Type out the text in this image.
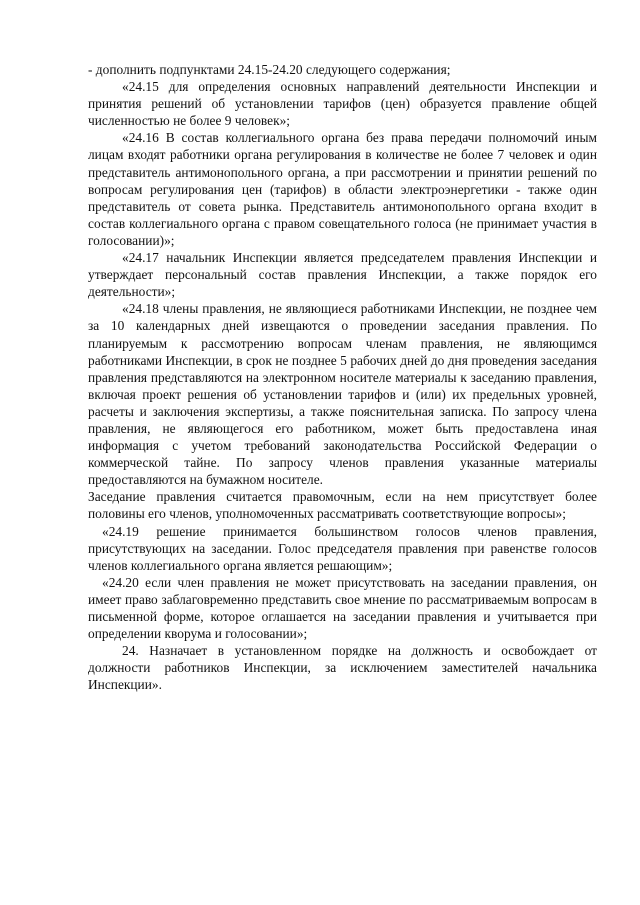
- дополнить подпунктами 24.15-24.20 следующего содержания;

«24.15 для определения основных направлений деятельности Инспекции и принятия решений об установлении тарифов (цен) образуется правление общей численностью не более 9 человек»;

«24.16 В состав коллегиального органа без права передачи полномочий иным лицам входят работники органа регулирования в количестве не более 7 человек и один представитель антимонопольного органа, а при рассмотрении и принятии решений по вопросам регулирования цен (тарифов) в области электроэнергетики - также один представитель от совета рынка. Представитель антимонопольного органа входит в состав коллегиального органа с правом совещательного голоса (не принимает участия в голосовании)»;

«24.17 начальник Инспекции является председателем правления Инспекции и утверждает персональный состав правления Инспекции, а также порядок его деятельности»;

«24.18 члены правления, не являющиеся работниками Инспекции, не позднее чем за 10 календарных дней извещаются о проведении заседания правления. По планируемым к рассмотрению вопросам членам правления, не являющимся работниками Инспекции, в срок не позднее 5 рабочих дней до дня проведения заседания правления представляются на электронном носителе материалы к заседанию правления, включая проект решения об установлении тарифов и (или) их предельных уровней, расчеты и заключения экспертизы, а также пояснительная записка. По запросу члена правления, не являющегося его работником, может быть предоставлена иная информация с учетом требований законодательства Российской Федерации о коммерческой тайне. По запросу членов правления указанные материалы предоставляются на бумажном носителе.

Заседание правления считается правомочным, если на нем присутствует более половины его членов, уполномоченных рассматривать соответствующие вопросы»;

«24.19 решение принимается большинством голосов членов правления, присутствующих на заседании. Голос председателя правления при равенстве голосов членов коллегиального органа является решающим»;

«24.20 если член правления не может присутствовать на заседании правления, он имеет право заблаговременно представить свое мнение по рассматриваемым вопросам в письменной форме, которое оглашается на заседании правления и учитывается при определении кворума и голосовании»;

24. Назначает в установленном порядке на должность и освобождает от должности работников Инспекции, за исключением заместителей начальника Инспекции».
